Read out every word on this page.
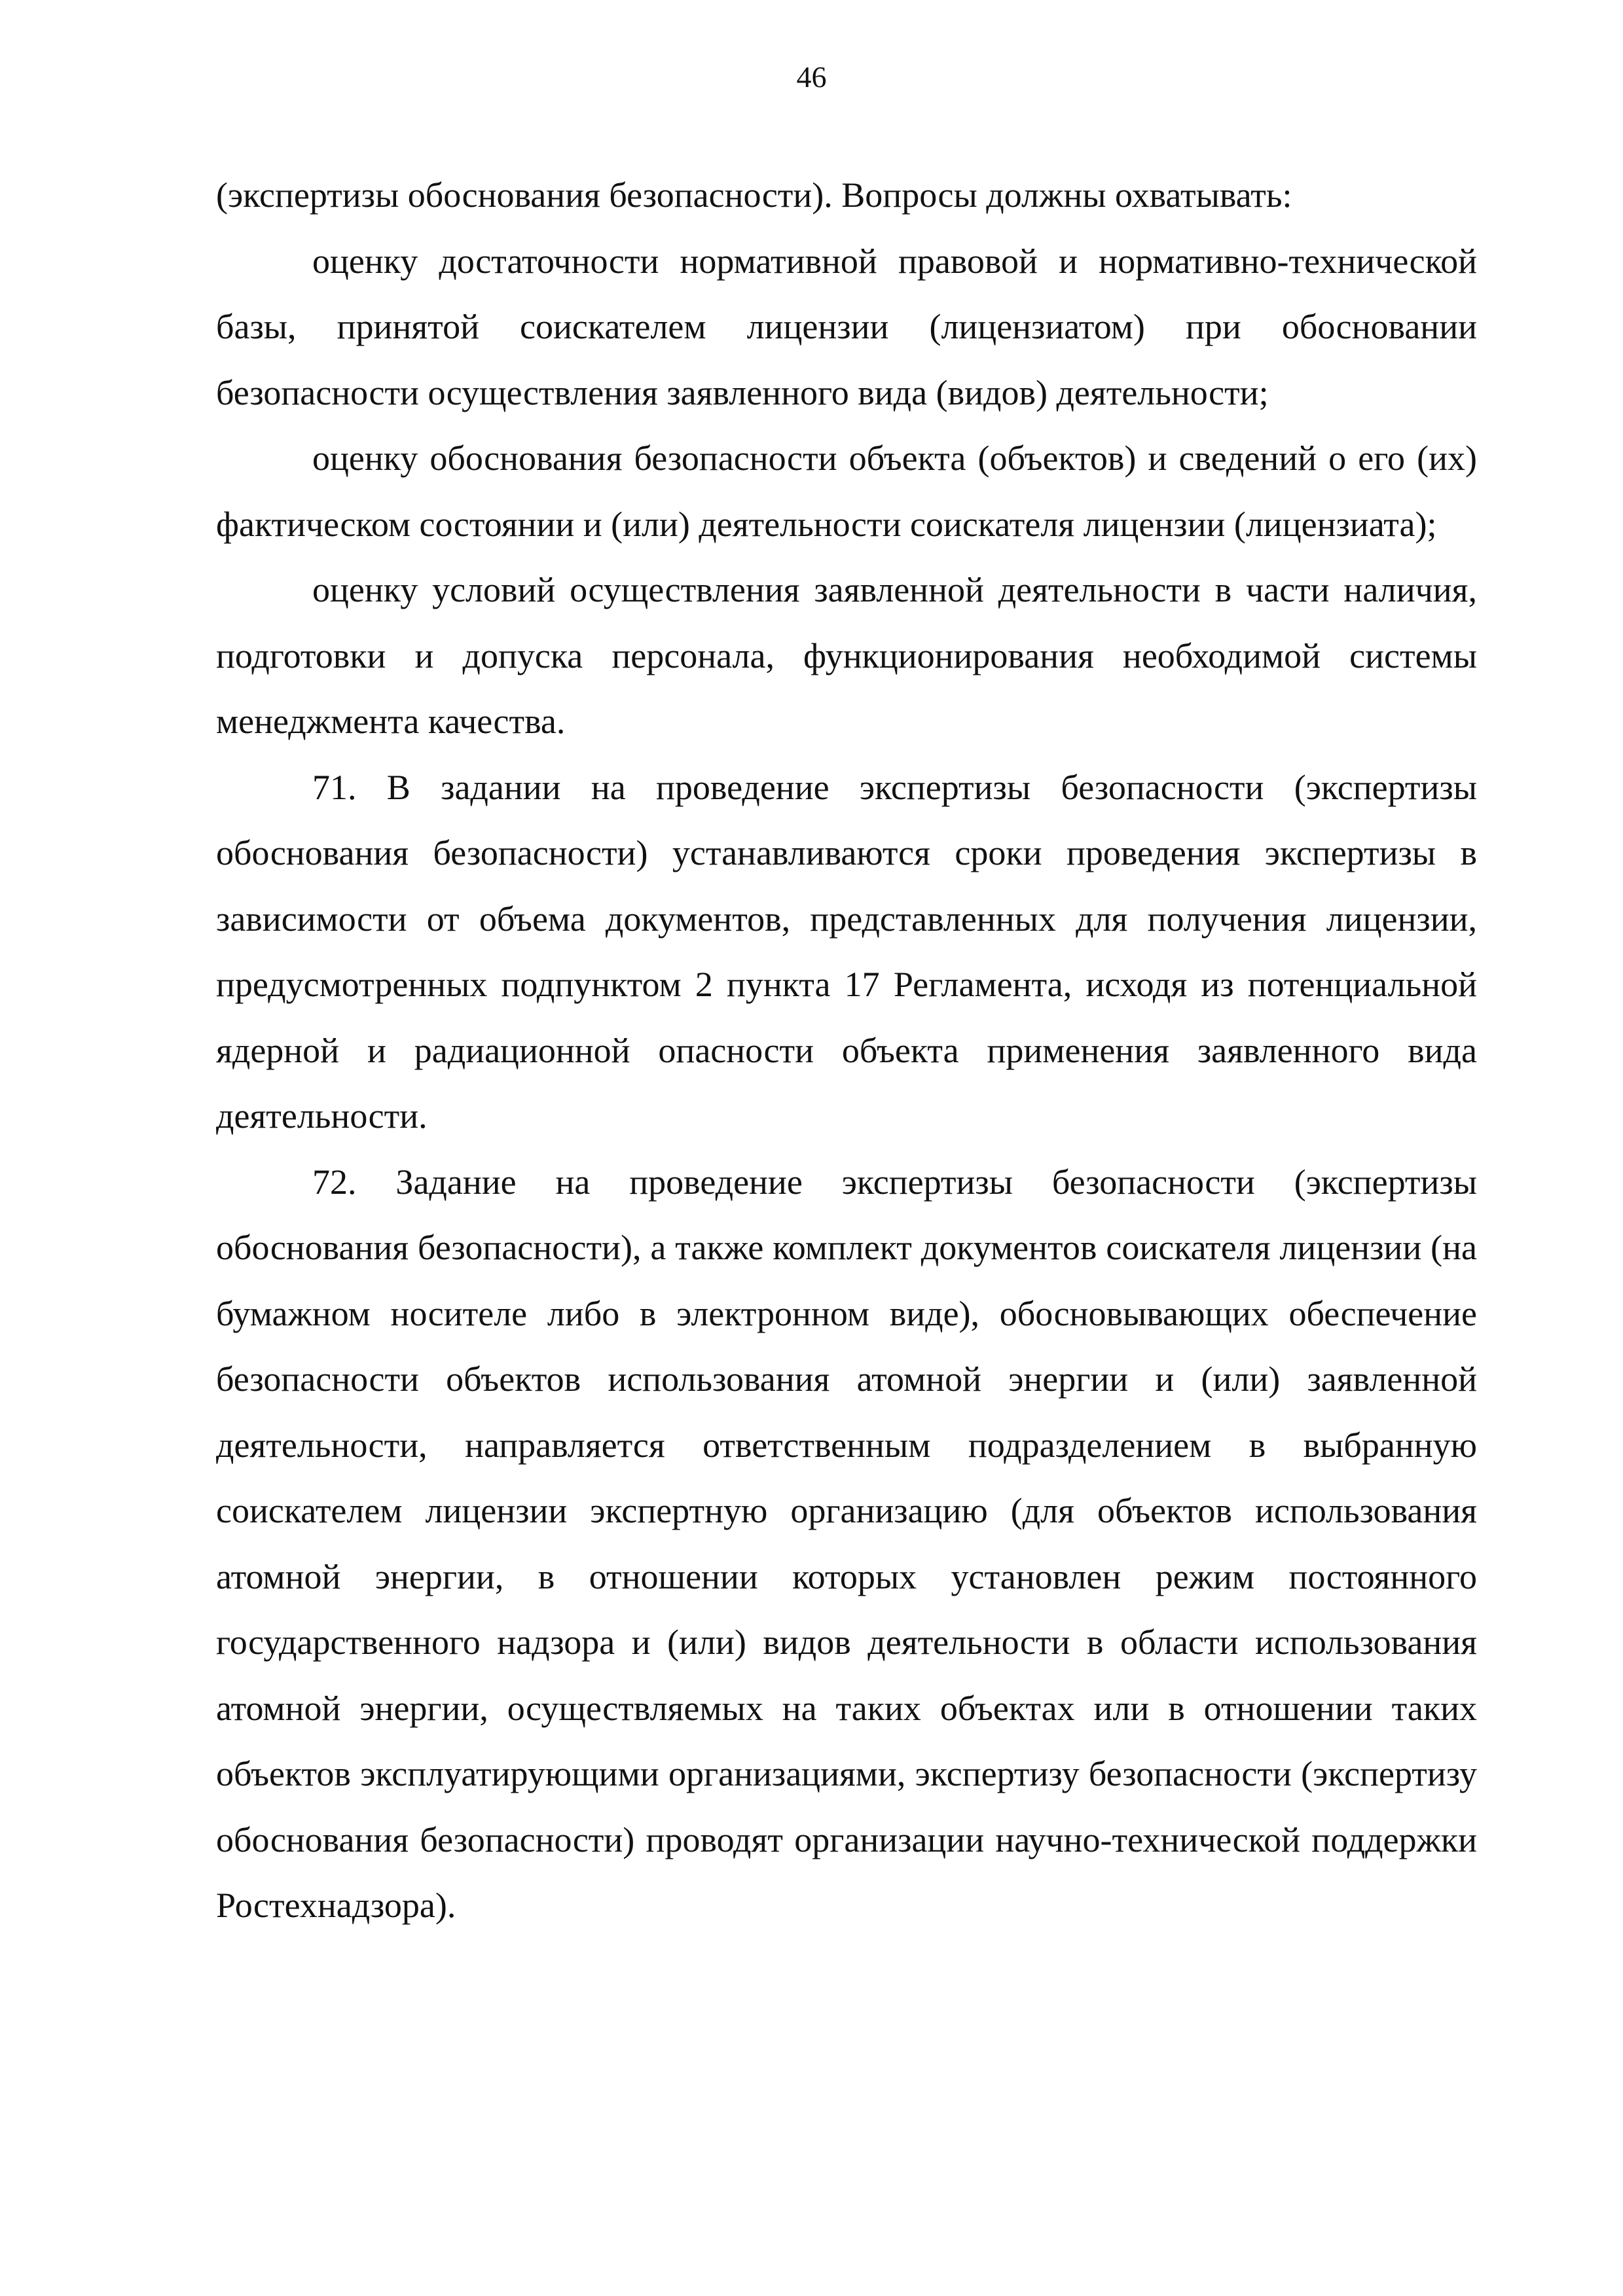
46

(экспертизы обоснования безопасности). Вопросы должны охватывать:

оценку достаточности нормативной правовой и нормативно-технической базы, принятой соискателем лицензии (лицензиатом) при обосновании безопасности осуществления заявленного вида (видов) деятельности;

оценку обоснования безопасности объекта (объектов) и сведений о его (их) фактическом состоянии и (или) деятельности соискателя лицензии (лицензиата);

оценку условий осуществления заявленной деятельности в части наличия, подготовки и допуска персонала, функционирования необходимой системы менеджмента качества.

71. В задании на проведение экспертизы безопасности (экспертизы обоснования безопасности) устанавливаются сроки проведения экспертизы в зависимости от объема документов, представленных для получения лицензии, предусмотренных подпунктом 2 пункта 17 Регламента, исходя из потенциальной ядерной и радиационной опасности объекта применения заявленного вида деятельности.

72. Задание на проведение экспертизы безопасности (экспертизы обоснования безопасности), а также комплект документов соискателя лицензии (на бумажном носителе либо в электронном виде), обосновывающих обеспечение безопасности объектов использования атомной энергии и (или) заявленной деятельности, направляется ответственным подразделением в выбранную соискателем лицензии экспертную организацию (для объектов использования атомной энергии, в отношении которых установлен режим постоянного государственного надзора и (или) видов деятельности в области использования атомной энергии, осуществляемых на таких объектах или в отношении таких объектов эксплуатирующими организациями, экспертизу безопасности (экспертизу обоснования безопасности) проводят организации научно-технической поддержки Ростехнадзора).
